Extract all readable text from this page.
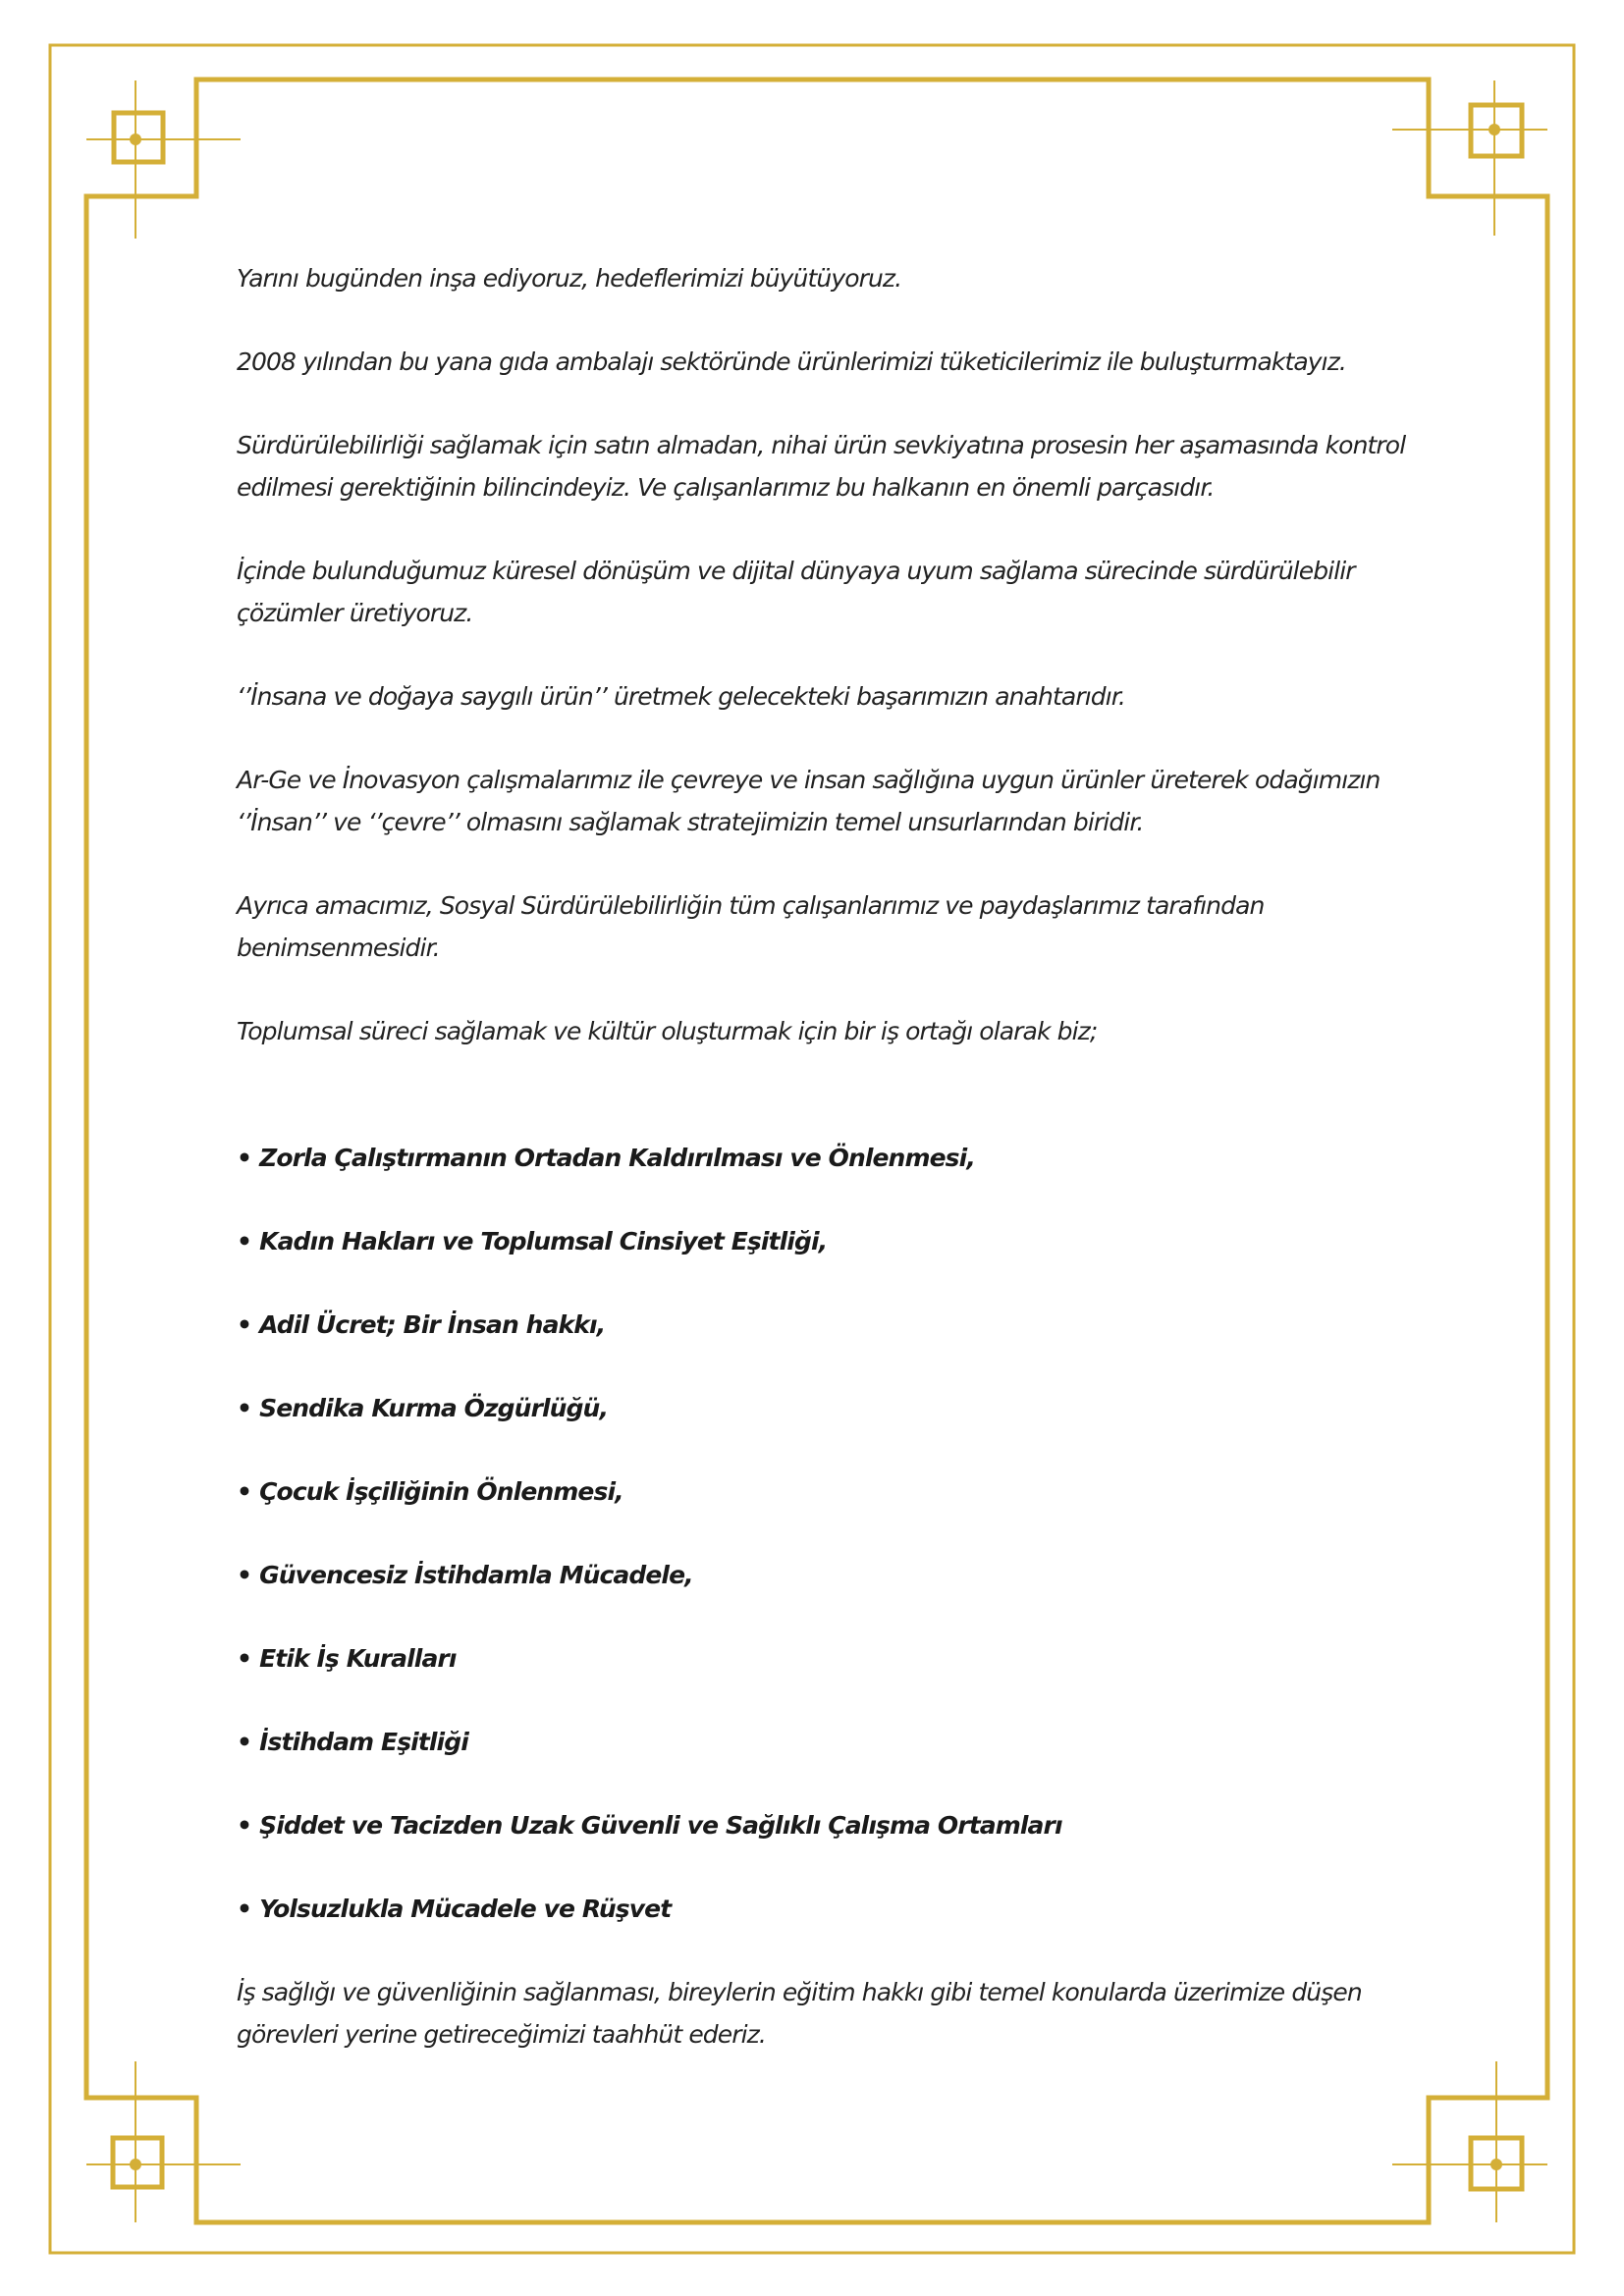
Yarını bugünden inşa ediyoruz, hedeflerimizi büyütüyoruz.

2008 yılından bu yana gıda ambalajı sektöründe ürünlerimizi tüketicilerimiz ile buluşturmaktayız.

Sürdürülebilirliği sağlamak için satın almadan, nihai ürün sevkiyatına prosesin her aşamasında kontrol edilmesi gerektiğinin bilincindeyiz. Ve çalışanlarımız bu halkanın en önemli parçasıdır.

İçinde bulunduğumuz küresel dönüşüm ve dijital dünyaya uyum sağlama sürecinde sürdürülebilir çözümler üretiyoruz.

‘’İnsana ve doğaya saygılı ürün’’ üretmek gelecekteki başarımızın anahtarıdır.

Ar-Ge ve İnovasyon çalışmalarımız ile çevreye ve insan sağlığına uygun ürünler üreterek odağımızın ‘’İnsan’’ ve ‘’çevre’’ olmasını sağlamak stratejimizin temel unsurlarından biridir.

Ayrıca amacımız, Sosyal Sürdürülebilirliğin tüm çalışanlarımız ve paydaşlarımız tarafından benimsenmesidir.

Toplumsal süreci sağlamak ve kültür oluşturmak için bir iş ortağı olarak biz;

• Zorla Çalıştırmanın Ortadan Kaldırılması ve Önlenmesi,
• Kadın Hakları ve Toplumsal Cinsiyet Eşitliği,
• Adil Ücret; Bir İnsan hakkı,
• Sendika Kurma Özgürlüğü,
• Çocuk İşçiliğinin Önlenmesi,
• Güvencesiz İstihdamla Mücadele,
• Etik İş Kuralları
• İstihdam Eşitliği
• Şiddet ve Tacizden Uzak Güvenli ve Sağlıklı Çalışma Ortamları
• Yolsuzlukla Mücadele ve Rüşvet

İş sağlığı ve güvenliğinin sağlanması, bireylerin eğitim hakkı gibi temel konularda üzerimize düşen görevleri yerine getireceğimizi taahhüt ederiz.
